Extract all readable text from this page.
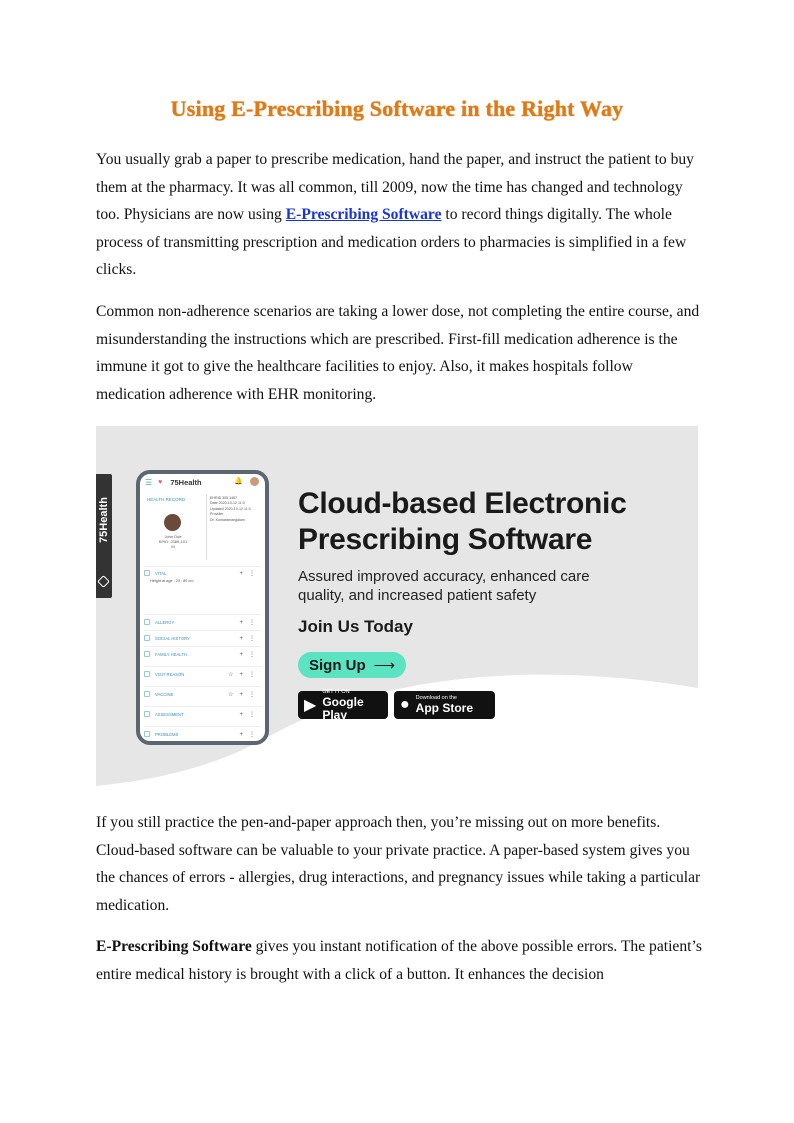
Using E-Prescribing Software in the Right Way

You usually grab a paper to prescribe medication, hand the paper, and instruct the patient to buy them at the pharmacy. It was all common, till 2009, now the time has changed and technology too. Physicians are now using E-Prescribing Software to record things digitally. The whole process of transmitting prescription and medication orders to pharmacies is simplified in a few clicks.

Common non-adherence scenarios are taking a lower dose, not completing the entire course, and misunderstanding the instructions which are prescribed. First-fill medication adherence is the immune it got to give the healthcare facilities to enjoy. Also, it makes hospitals follow medication adherence with EHR monitoring.

75Health
☰ ♥ 75Health	🔔
HEALTH RECORD
John Doe
KPID: 2389-101
M
EHRID 305 1467
Date 2020-10-12 11:0
Updated 2020-10-12 11:0
Provider
Dr. Kumaramangalam
VITAL	+⋮
Height at age : 23 : 89 cm
ALLERGY	+⋮
SOCIAL HISTORY	+⋮
FAMILY HEALTH	+⋮
VISIT REASON	☆+⋮
VACCINE	☆+⋮
ASSESSMENT	+⋮
PROBLEMS	+⋮
Cloud-based Electronic
Prescribing Software
Assured improved accuracy, enhanced care quality, and increased patient safety
Join Us Today
Sign Up ⟶
▶
GET IT ON
Google Play
● Download on the
App Store

If you still practice the pen-and-paper approach then, you’re missing out on more benefits. Cloud-based software can be valuable to your private practice. A paper-based system gives you the chances of errors - allergies, drug interactions, and pregnancy issues while taking a particular medication.

E-Prescribing Software gives you instant notification of the above possible errors. The patient’s entire medical history is brought with a click of a button. It enhances the decision
